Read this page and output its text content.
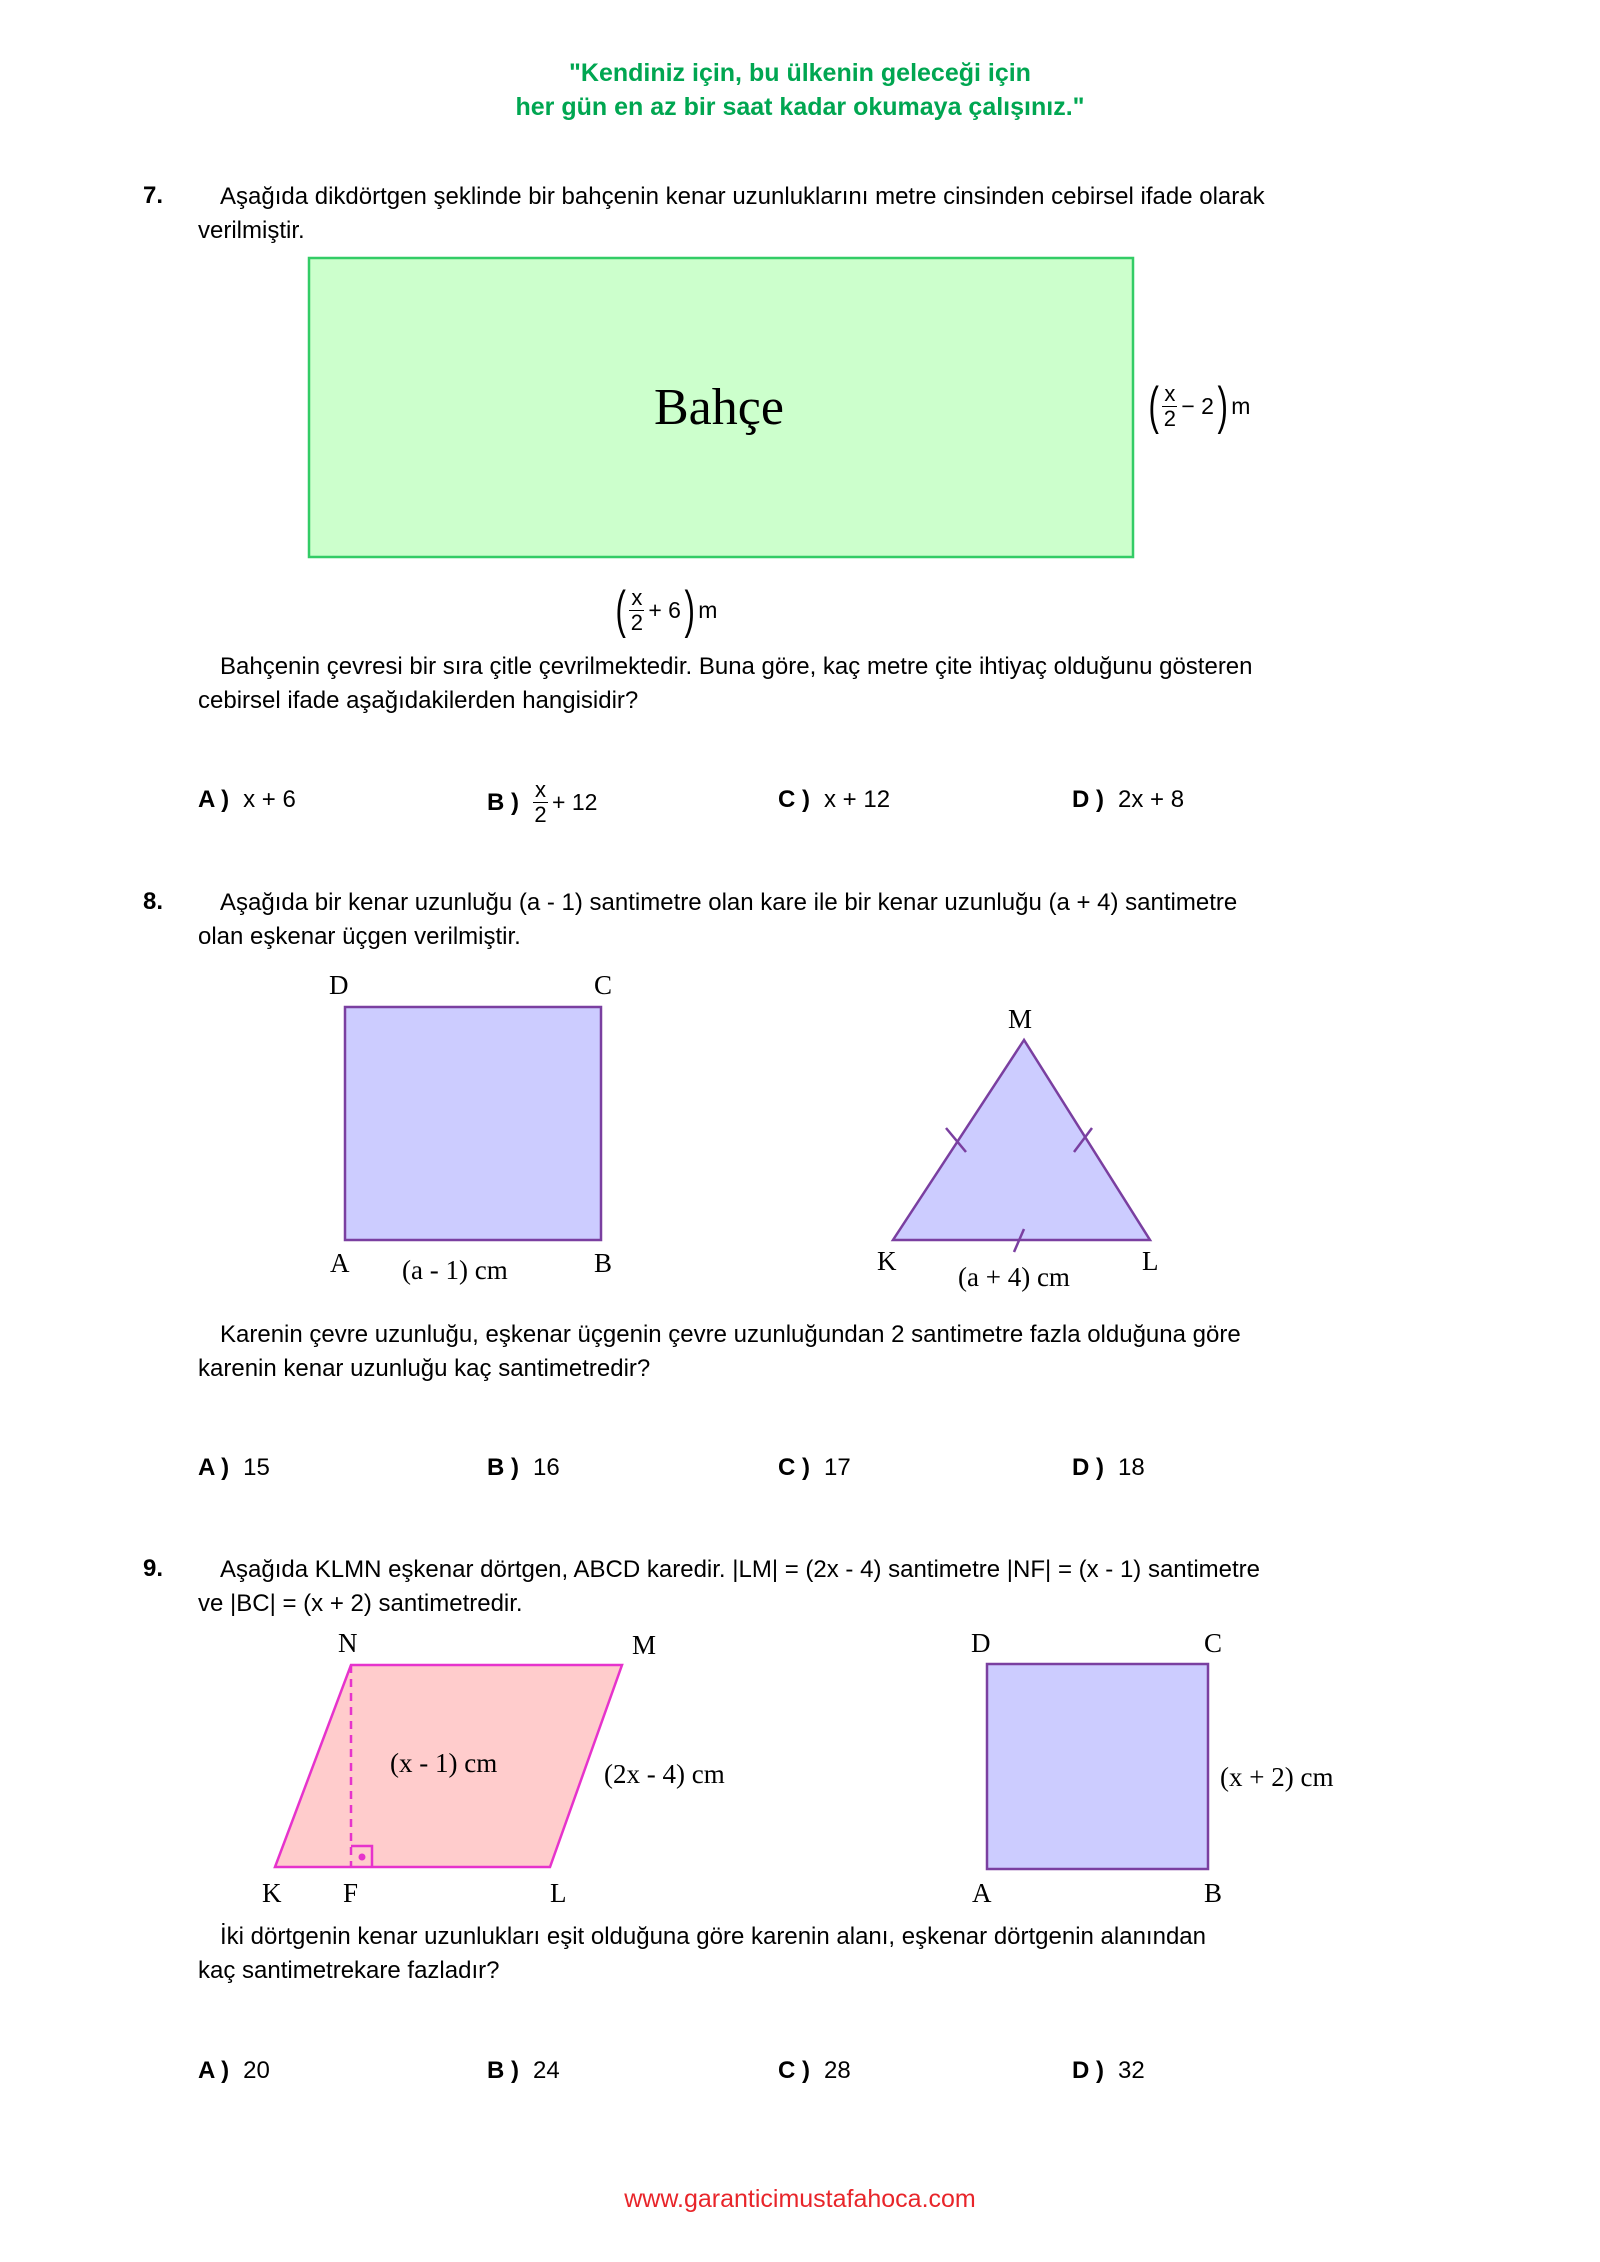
"Kendiniz için, bu ülkenin geleceği için
her gün en az bir saat kadar okumaya çalışınız."
7. Aşağıda dikdörtgen şeklinde bir bahçenin kenar uzunluklarını metre cinsinden cebirsel ifade olarak
verilmiştir.
Bahçe	( $\frac{x}{2} - 2$ ) m
( $\frac{x}{2} + 6$ ) m
Bahçenin çevresi bir sıra çitle çevrilmektedir. Buna göre, kaç metre çite ihtiyaç olduğunu gösteren
cebirsel ifade aşağıdakilerden hangisidir?
A ) x + 6	B ) $\frac{x}{2} + 12$	C ) x + 12	D ) 2x + 8
8. Aşağıda bir kenar uzunluğu (a - 1) santimetre olan kare ile bir kenar uzunluğu (a + 4) santimetre
olan eşkenar üçgen verilmiştir.
D	C
A	B
(a - 1) cm
M
K	L
(a + 4) cm
Karenin çevre uzunluğu, eşkenar üçgenin çevre uzunluğundan 2 santimetre fazla olduğuna göre
karenin kenar uzunluğu kaç santimetredir?
A ) 15	B ) 16	C ) 17	D ) 18
9. Aşağıda KLMN eşkenar dörtgen, ABCD karedir. |LM| = (2x - 4) santimetre |NF| = (x - 1) santimetre
ve |BC| = (x + 2) santimetredir.
N	M
K F	L
(x - 1) cm	(2x - 4) cm
D	C
A	B
(x + 2) cm
İki dörtgenin kenar uzunlukları eşit olduğuna göre karenin alanı, eşkenar dörtgenin alanından
kaç santimetrekare fazladır?
A ) 20	B ) 24	C ) 28	D ) 32
www.garanticimustafahoca.com
